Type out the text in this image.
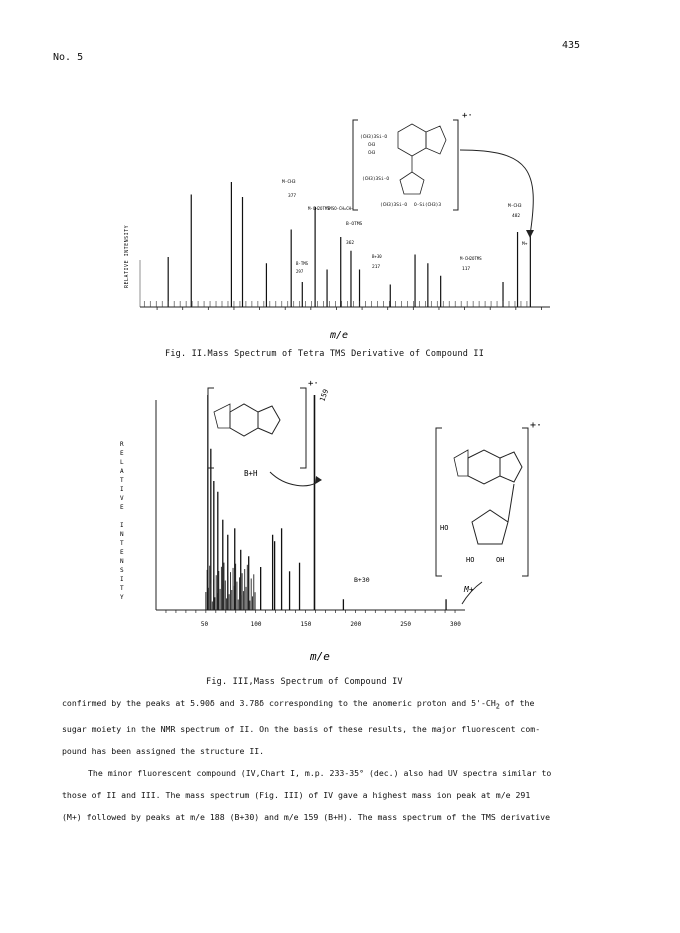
No. 5
435
RELATIVE INTENSITY
m/e
M-CH3
377
M-CH2OTMS
TMSO-CH=CH—
B-OTMS
362
B-TMS
297
B+30
217
M-CH2OTMS
117
M-CH3
482
M+
+·
(CH3)3Si-O
CH3
CH3
(CH3)3Si-O
(CH3)3Si-O O-Si(CH3)3
Fig. II.Mass Spectrum of Tetra TMS Derivative of Compound II
R
E
L
A
T
I
V
E
I
N
T
E
N
S
I
T
Y
50	100	150	200	250	300
m/e
159
B+30
M+
+·
B+H
+·
HO
HO	OH
Fig. III,Mass Spectrum of Compound IV

confirmed by the peaks at 5.90δ and 3.78δ corresponding to the anomeric proton and $5'-CH_2$ of the

sugar moiety in the NMR spectrum of II. On the basis of these results, the major fluorescent com-

pound has been assigned the structure II.

The minor fluorescent compound (IV,Chart I, m.p. 233-35° (dec.) also had UV spectra similar to

those of II and III. The mass spectrum (Fig. III) of IV gave a highest mass ion peak at m/e 291

(M+) followed by peaks at m/e 188 (B+30) and m/e 159 (B+H). The mass spectrum of the TMS derivative
